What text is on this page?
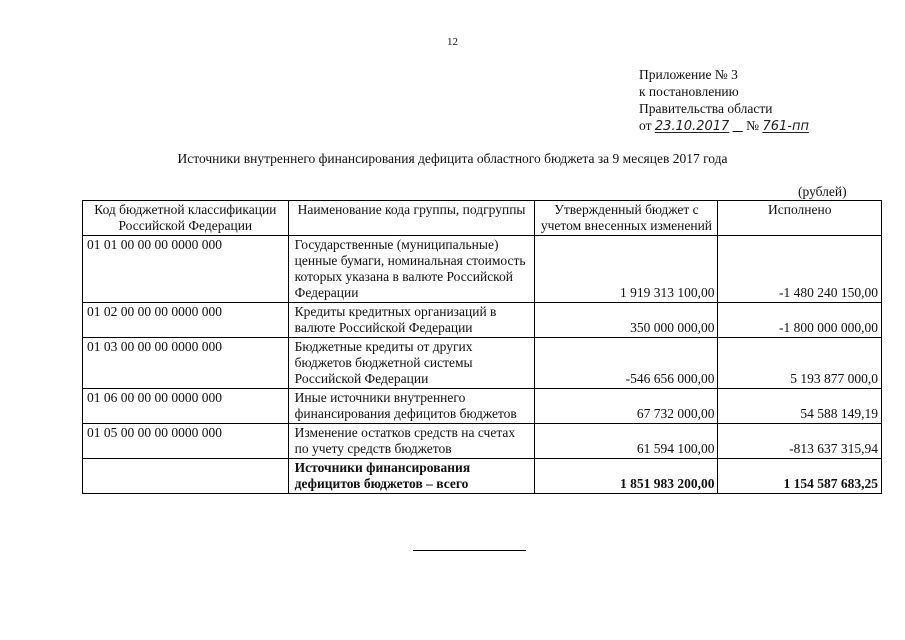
12
Приложение № 3
к постановлению
Правительства области
от 23.10.2017 № 761-пп
Источники внутреннего финансирования дефицита областного бюджета за 9 месяцев 2017 года
(рублей)
Код бюджетной классификации Российской Федерации	Наименование кода группы, подгруппы	Утвержденный бюджет с учетом внесенных изменений	Исполнено
01 01 00 00 00 0000 000	Государственные (муниципальные) ценные бумаги, номинальная стоимость которых указана в валюте Российской Федерации	1 919 313 100,00	-1 480 240 150,00
01 02 00 00 00 0000 000	Кредиты кредитных организаций в валюте Российской Федерации	350 000 000,00	-1 800 000 000,00
01 03 00 00 00 0000 000	Бюджетные кредиты от других бюджетов бюджетной системы Российской Федерации	-546 656 000,00	5 193 877 000,0
01 06 00 00 00 0000 000	Иные источники внутреннего финансирования дефицитов бюджетов	67 732 000,00	54 588 149,19
01 05 00 00 00 0000 000	Изменение остатков средств на счетах по учету средств бюджетов	61 594 100,00	-813 637 315,94
	Источники финансирования дефицитов бюджетов – всего	1 851 983 200,00	1 154 587 683,25
